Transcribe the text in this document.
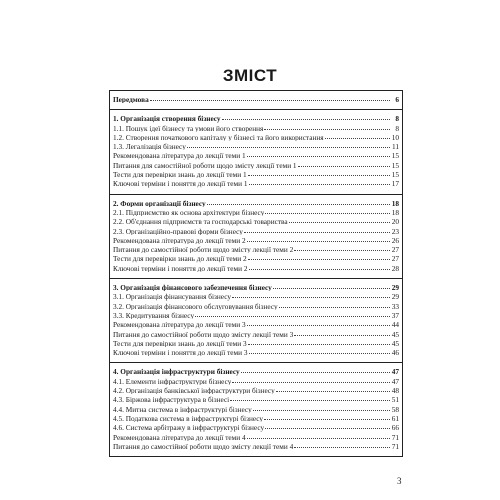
ЗМІСТ
Передмова	6

1. Організація створення бізнесу	8
1.1. Пошук ідеї бізнесу та умови його створення	8
1.2. Створення початкового капіталу у бізнесі та його використання	10
1.3. Легалізація бізнесу	11
Рекомендована література до лекції теми 1	15
Питання для самостійної роботи щодо змісту лекції теми 1	15
Тести для перевірки знань до лекції теми 1	15
Ключові терміни і поняття до лекції теми 1	17

2. Форми організації бізнесу	18
2.1. Підприємство як основа архітектури бізнесу	18
2.2. Об'єднання підприємств та господарські товариства	20
2.3. Організаційно-правові форми бізнесу	23
Рекомендована література до лекції теми 2	26
Питання до самостійної роботи щодо змісту лекції теми 2	27
Тести для перевірки знань до лекції теми 2	27
Ключові терміни і поняття до лекції теми 2	28

3. Організація фінансового забезпечення бізнесу	29
3.1. Організація фінансування бізнесу	29
3.2. Організація фінансового обслуговування бізнесу	33
3.3. Кредитування бізнесу	37
Рекомендована література до лекції теми 3	44
Питання до самостійної роботи щодо змісту лекції теми 3	45
Тести для перевірки знань до лекції теми 3	45
Ключові терміни і поняття до лекції теми 3	46

4. Організація інфраструктури бізнесу	47
4.1. Елементи інфраструктури бізнесу	47
4.2. Організація банківської інфраструктури бізнесу	48
4.3. Біржова інфраструктура в бізнесі	51
4.4. Митна система в інфраструктурі бізнесу	58
4.5. Податкова система в інфраструктурі бізнесу	61
4.6. Система арбітражу в інфраструктурі бізнесу	66
Рекомендована література до лекції теми 4	71
Питання до самостійної роботи щодо змісту лекції теми 4	71
3
